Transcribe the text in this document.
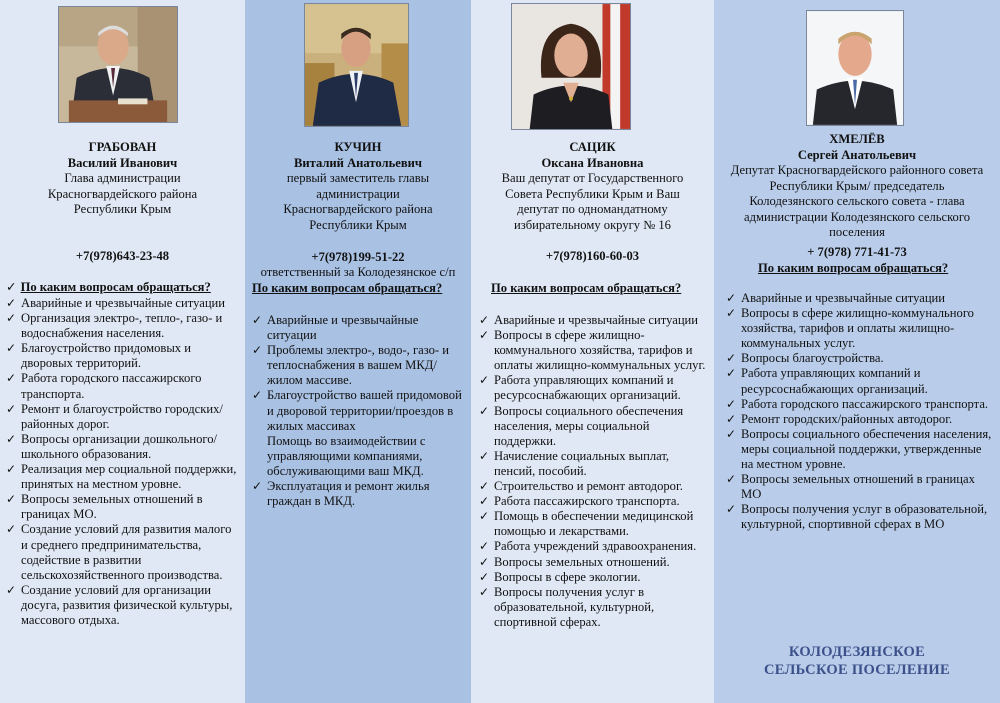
ГРАБОВАН
Василий Иванович
Глава администрации Красногвардейского района Республики Крым
+7(978)643-23-48
✓ По каким вопросам обращаться?
✓ Аварийные и чрезвычайные ситуации
✓ Организация электро-, тепло-, газо- и водоснабжения населения.
✓ Благоустройство придомовых и дворовых территорий.
✓ Работа городского пассажирского транспорта.
✓ Ремонт и благоустройство городских/районных дорог.
✓ Вопросы организации дошкольного/школьного образования.
✓ Реализация мер социальной поддержки, принятых на местном уровне.
✓ Вопросы земельных отношений в границах МО.
✓ Создание условий для развития малого и среднего предпринимательства, содействие в развитии сельскохозяйственного производства.
✓ Создание условий для организации досуга, развития физической культуры, массового отдыха.
КУЧИН
Виталий Анатольевич
первый заместитель главы администрации Красногвардейского района Республики Крым
+7(978)199-51-22
ответственный за Колодезянское с/п
По каким вопросам обращаться?
✓ Аварийные и чрезвычайные ситуации
✓ Проблемы электро-, водо-, газо- и теплоснабжения в вашем МКД/жилом массиве.
✓ Благоустройство вашей придомовой и дворовой территории/проездов в жилых массивах
Помощь во взаимодействии с управляющими компаниями, обслуживающими ваш МКД.
✓ Эксплуатация и ремонт жилья граждан в МКД.
САЦИК
Оксана Ивановна
Ваш депутат от Государственного Совета Республики Крым и Ваш депутат по одномандатному избирательному округу № 16
+7(978)160-60-03
По каким вопросам обращаться?
✓ Аварийные и чрезвычайные ситуации
✓ Вопросы в сфере жилищно-коммунального хозяйства, тарифов и оплаты жилищно-коммунальных услуг.
✓ Работа управляющих компаний и ресурсоснабжающих организаций.
✓ Вопросы социального обеспечения населения, меры социальной поддержки.
✓ Начисление социальных выплат, пенсий, пособий.
✓ Строительство и ремонт автодорог.
✓ Работа пассажирского транспорта.
✓ Помощь в обеспечении медицинской помощью и лекарствами.
✓ Работа учреждений здравоохранения.
✓ Вопросы земельных отношений.
✓ Вопросы в сфере экологии.
✓ Вопросы получения услуг в образовательной, культурной, спортивной сферах.
ХМЕЛЁВ
Сергей Анатольевич
Депутат Красногвардейского районного совета Республики Крым/ председатель Колодезянского сельского совета - глава администрации Колодезянского сельского поселения
+ 7(978) 771-41-73
По каким вопросам обращаться?
✓ Аварийные и чрезвычайные ситуации
✓ Вопросы в сфере жилищно-коммунального хозяйства, тарифов и оплаты жилищно-коммунальных услуг.
✓ Вопросы благоустройства.
✓ Работа управляющих компаний и ресурсоснабжающих организаций.
✓ Работа городского пассажирского транспорта.
✓ Ремонт городских/районных автодорог.
✓ Вопросы социального обеспечения населения, меры социальной поддержки, утвержденные на местном уровне.
✓ Вопросы земельных отношений в границах МО
✓ Вопросы получения услуг в образовательной, культурной, спортивной сферах в МО
КОЛОДЕЗЯНСКОЕ
СЕЛЬСКОЕ ПОСЕЛЕНИЕ
